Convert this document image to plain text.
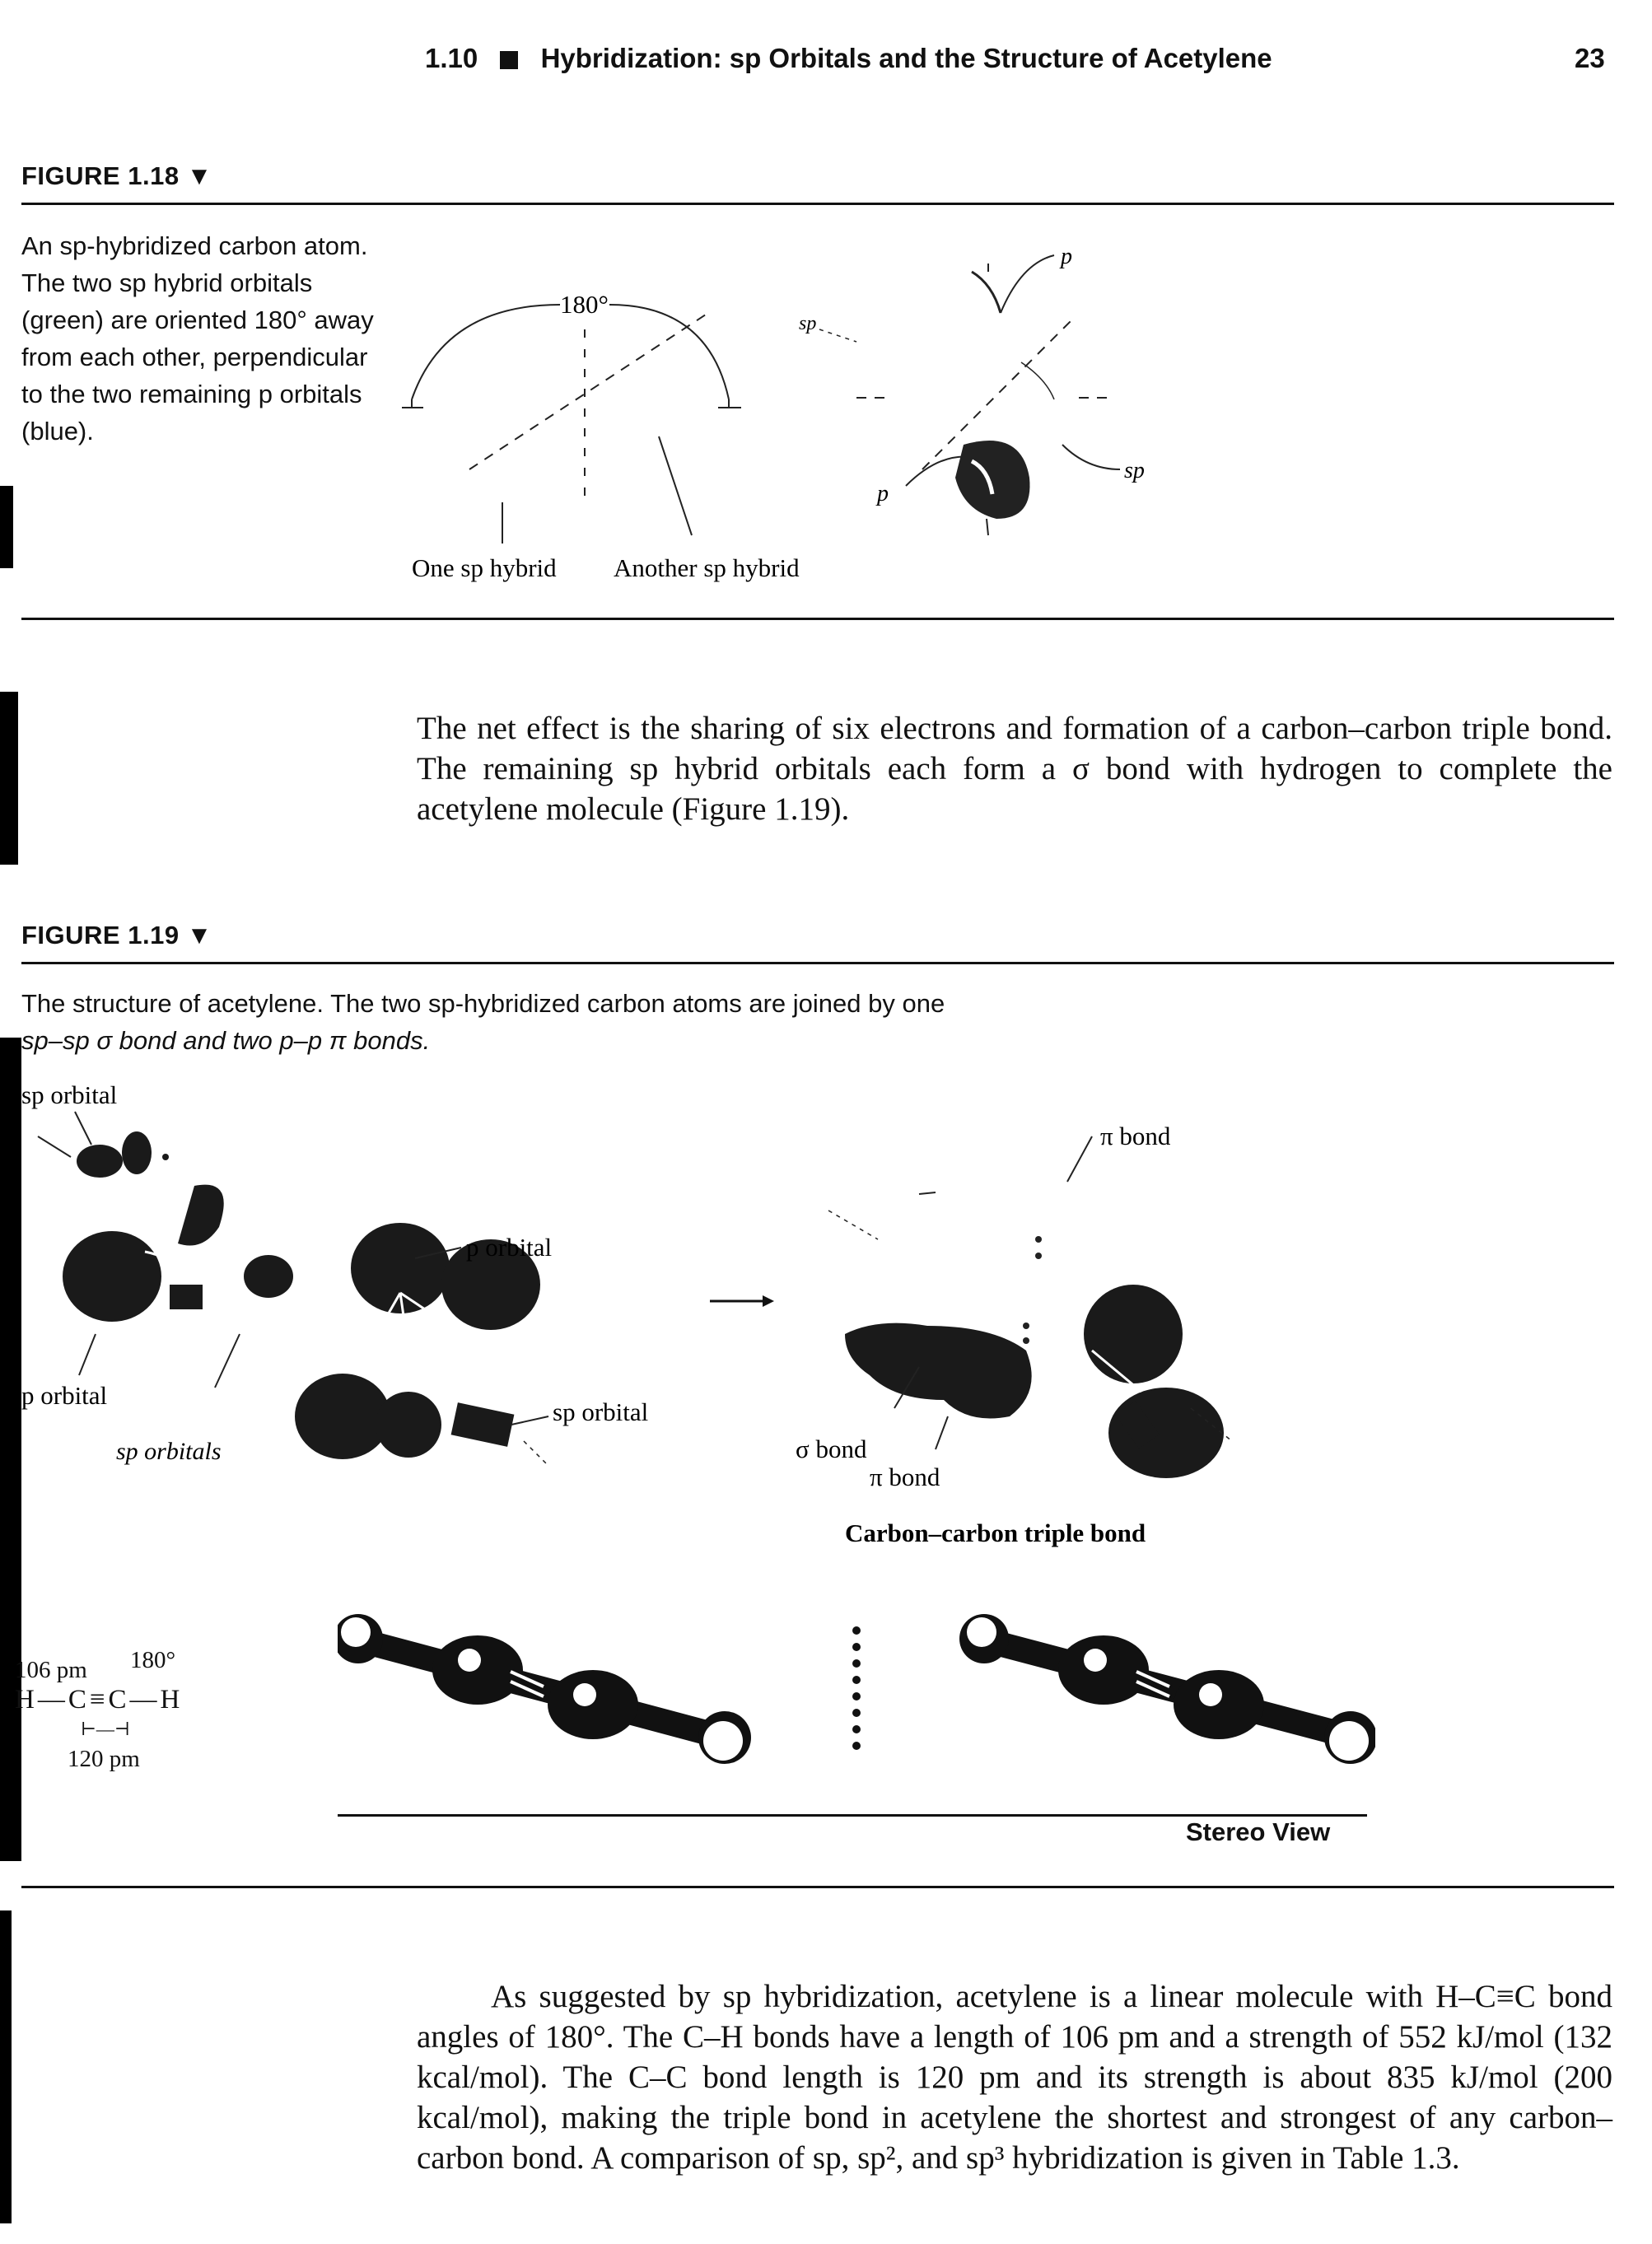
1.10 Hybridization: sp Orbitals and the Structure of Acetylene	23
FIGURE 1.18 ▼
An sp-hybridized carbon atom. The two sp hybrid orbitals (green) are oriented 180° away from each other, perpendicular to the two remaining p orbitals (blue).
180°
One sp hybrid Another sp hybrid
p
sp
p
sp
The net effect is the sharing of six electrons and formation of a carbon–carbon triple bond. The remaining sp hybrid orbitals each form a σ bond with hydrogen to complete the acetylene molecule (Figure 1.19).
FIGURE 1.19 ▼
The structure of acetylene. The two sp-hybridized carbon atoms are joined by one
sp–sp σ bond and two p–p π bonds.
sp orbital
p orbital
p orbital
sp orbitals
sp orbital
π bond
σ bond
π bond
Carbon–carbon triple bond
106 pm 180°
H—C≡C—H
⊢—⊣
120 pm
Stereo View
As suggested by sp hybridization, acetylene is a linear molecule with H–C≡C bond angles of 180°. The C–H bonds have a length of 106 pm and a strength of 552 kJ/mol (132 kcal/mol). The C–C bond length is 120 pm and its strength is about 835 kJ/mol (200 kcal/mol), making the triple bond in acetylene the shortest and strongest of any carbon–carbon bond. A comparison of sp, sp², and sp³ hybridization is given in Table 1.3.
